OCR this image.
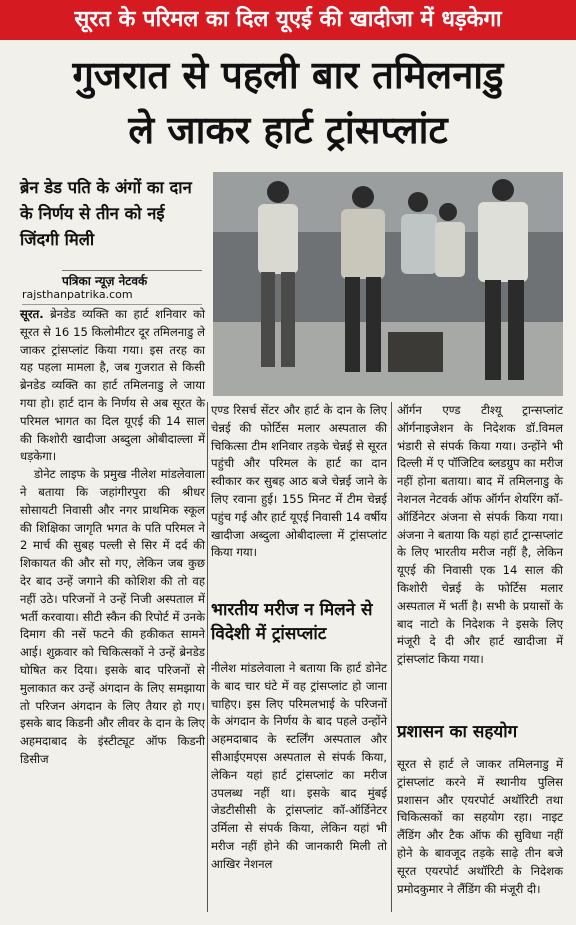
सूरत के परिमल का दिल यूएई की खादीजा में धड़केगा
गुजरात से पहली बार तमिलनाडु
ले जाकर हार्ट ट्रांसप्लांट
ब्रेन डेड पति के अंगों का दान के निर्णय से तीन को नई जिंदगी मिली
पत्रिका न्यूज़ नेटवर्क
rajsthanpatrika.com

सूरत. ब्रेनडेड व्यक्ति का हार्ट शनिवार को सूरत से 16 15 किलोमीटर दूर तमिलनाडु ले जाकर ट्रांसप्लांट किया गया। इस तरह का यह पहला मामला है, जब गुजरात से किसी ब्रेनडेड व्यक्ति का हार्ट तमिलनाडु ले जाया गया हो। हार्ट दान के निर्णय से अब सूरत के परिमल भागत का दिल यूएई की 14 साल की किशोरी खादीजा अब्दुला ओबीदाल्ला में धड़केगा।

डोनेट लाइफ के प्रमुख नीलेश मांडलेवाला ने बताया कि जहांगीरपुरा की श्रीधर सोसायटी निवासी और नगर प्राथमिक स्कूल की शिक्षिका जागृति भगत के पति परिमल ने 2 मार्च की सुबह पल्ली से सिर में दर्द की शिकायत की और सो गए, लेकिन जब कुछ देर बाद उन्हें जगाने की कोशिश की तो वह नहीं उठे। परिजनों ने उन्हें निजी अस्पताल में भर्ती करवाया। सीटी स्कैन की रिपोर्ट में उनके दिमाग की नसें फटने की हकीकत सामने आई। शुक्रवार को चिकित्सकों ने उन्हें ब्रेनडेड घोषित कर दिया। इसके बाद परिजनों से मुलाकात कर उन्हें अंगदान के लिए समझाया तो परिजन अंगदान के लिए तैयार हो गए। इसके बाद किडनी और लीवर के दान के लिए अहमदाबाद के इंस्टीट्यूट ऑफ किडनी डिसीज

एण्ड रिसर्च सेंटर और हार्ट के दान के लिए चेन्नई की फोर्टिस मलार अस्पताल की चिकित्सा टीम शनिवार तड़के चेन्नई से सूरत पहुंची और परिमल के हार्ट का दान स्वीकार कर सुबह आठ बजे चेन्नई जाने के लिए रवाना हुई। 155 मिनट में टीम चेन्नई पहुंच गई और हार्ट यूएई निवासी 14 वर्षीय खादीजा अब्दुला ओबीदाल्ला में ट्रांसप्लांट किया गया।

भारतीय मरीज न मिलने से विदेशी में ट्रांसप्लांट

नीलेश मांडलेवाला ने बताया कि हार्ट डोनेट के बाद चार घंटे में वह ट्रांसप्लांट हो जाना चाहिए। इस लिए परिमलभाई के परिजनों के अंगदान के निर्णय के बाद पहले उन्होंने अहमदाबाद के स्टर्लिंग अस्पताल और सीआईएमएस अस्पताल से संपर्क किया, लेकिन यहां हार्ट ट्रांसप्लांट का मरीज उपलब्ध नहीं था। इसके बाद मुंबई जेडटीसीसी के ट्रांसप्लांट कॉ-ऑर्डिनेटर उर्मिला से संपर्क किया, लेकिन यहां भी मरीज नहीं होने की जानकारी मिली तो आखिर नेशनल

ऑर्गन एण्ड टीश्यू ट्रान्सप्लांट ऑर्गनाइजेशन के निदेशक डॉ.विमल भंडारी से संपर्क किया गया। उन्होंने भी दिल्ली में ए पॉजिटिव ब्लडग्रुप का मरीज नहीं होना बताया। बाद में तमिलनाडु के नेशनल नेटवर्क ऑफ ऑर्गन शेयरिंग कॉ-ऑर्डिनेटर अंजना से संपर्क किया गया। अंजना ने बताया कि यहां हार्ट ट्रान्सप्लांट के लिए भारतीय मरीज नहीं है, लेकिन यूएई की निवासी एक 14 साल की किशोरी चेन्नई के फोर्टिस मलार अस्पताल में भर्ती है। सभी के प्रयासों के बाद नाटो के निदेशक ने इसके लिए मंजूरी दे दी और हार्ट खादीजा में ट्रांसप्लांट किया गया।

प्रशासन का सहयोग

सूरत से हार्ट ले जाकर तमिलनाडु में ट्रांसप्लांट करने में स्थानीय पुलिस प्रशासन और एयरपोर्ट अथॉरिटी तथा चिकित्सकों का सहयोग रहा। नाइट लैंडिंग और टैक ऑफ की सुविधा नहीं होने के बावजूद तड़के साढ़े तीन बजे सूरत एयरपोर्ट अथॉरिटी के निदेशक प्रमोदकुमार ने लैंडिंग की मंजूरी दी।
